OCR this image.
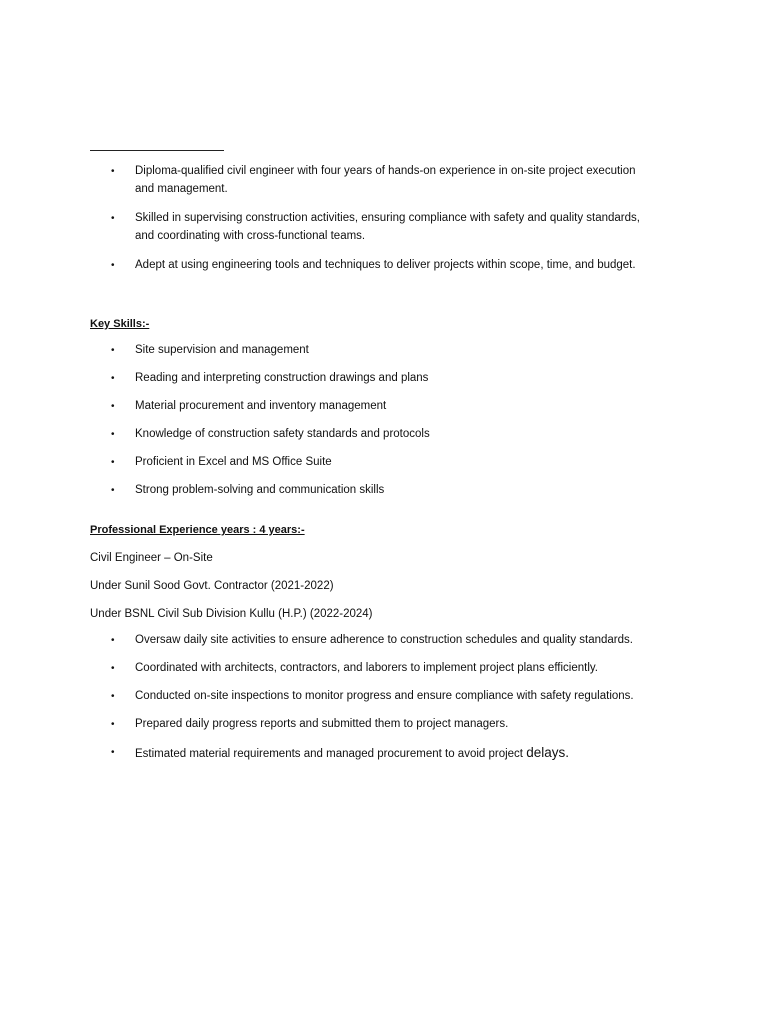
• Diploma-qualified civil engineer with four years of hands-on experience in on-site project execution and management.
• Skilled in supervising construction activities, ensuring compliance with safety and quality standards, and coordinating with cross-functional teams.
• Adept at using engineering tools and techniques to deliver projects within scope, time, and budget.
Key Skills:-
• Site supervision and management
• Reading and interpreting construction drawings and plans
• Material procurement and inventory management
• Knowledge of construction safety standards and protocols
• Proficient in Excel and MS Office Suite
• Strong problem-solving and communication skills
Professional Experience years : 4 years:-
Civil Engineer – On-Site
Under Sunil Sood Govt. Contractor (2021-2022)
Under BSNL Civil Sub Division Kullu (H.P.) (2022-2024)
• Oversaw daily site activities to ensure adherence to construction schedules and quality standards.
• Coordinated with architects, contractors, and laborers to implement project plans efficiently.
• Conducted on-site inspections to monitor progress and ensure compliance with safety regulations.
• Prepared daily progress reports and submitted them to project managers.
• Estimated material requirements and managed procurement to avoid project delays.
